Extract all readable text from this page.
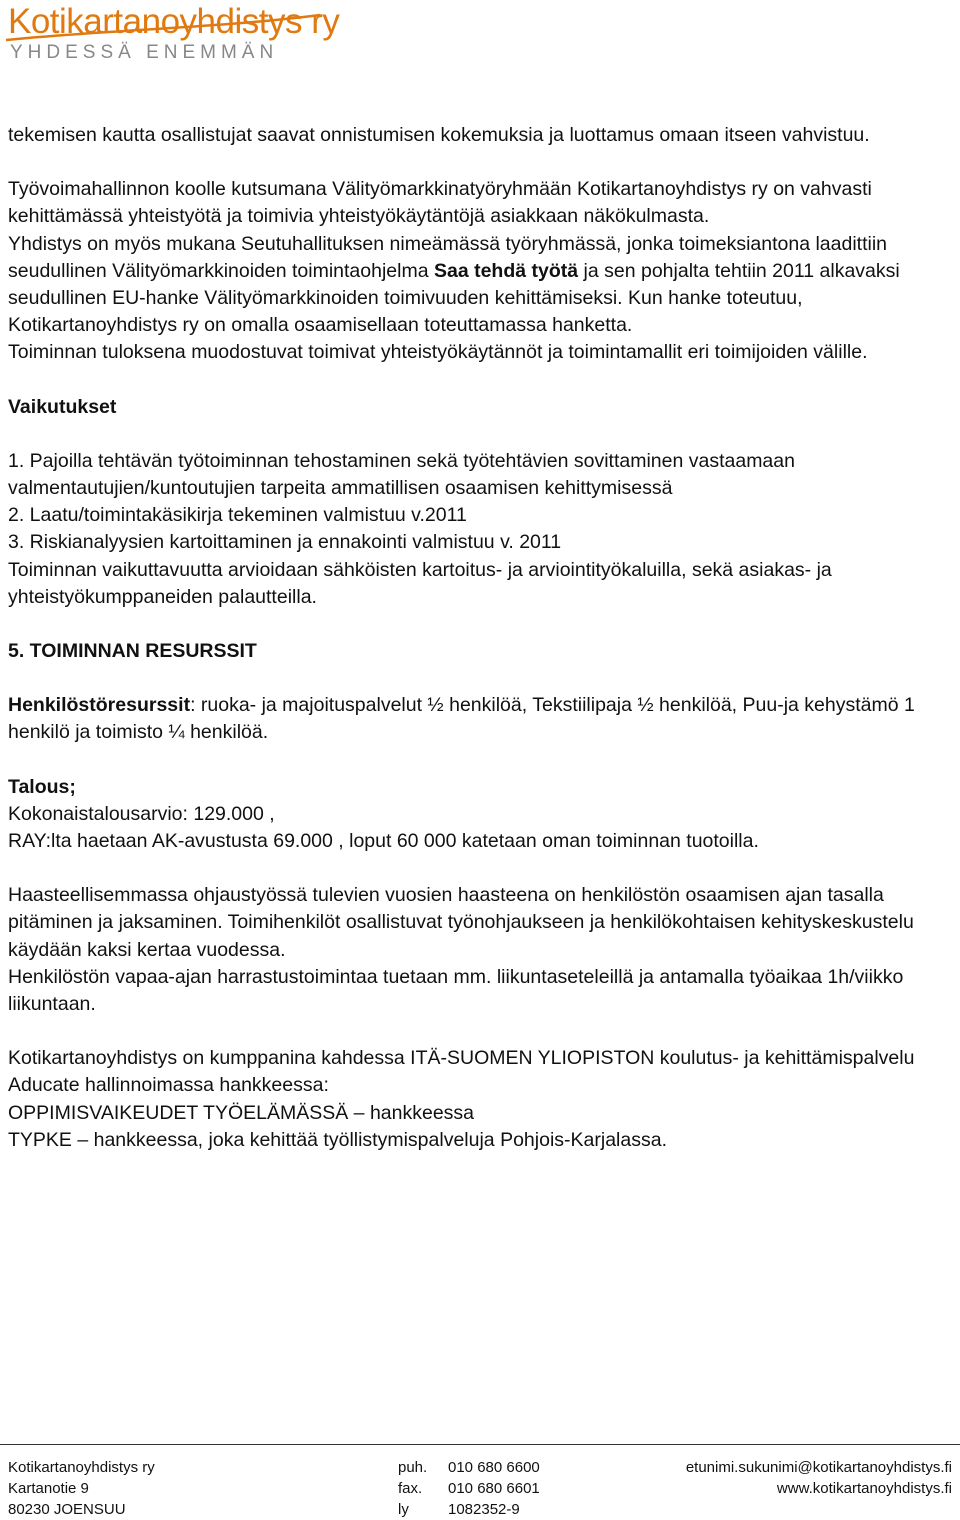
Kotikartanoyhdistys ry
YHDESSÄ ENEMMÄN

tekemisen kautta osallistujat saavat onnistumisen kokemuksia ja luottamus omaan itseen vahvistuu.

Työvoimahallinnon koolle kutsumana Välityömarkkinatyöryhmään Kotikartanoyhdistys ry on vahvasti kehittämässä yhteistyötä ja toimivia yhteistyökäytäntöjä asiakkaan näkökulmasta.

Yhdistys on myös mukana Seutuhallituksen nimeämässä työryhmässä, jonka toimeksiantona laadittiin seudullinen Välityömarkkinoiden toimintaohjelma Saa tehdä työtä ja sen pohjalta tehtiin 2011 alkavaksi seudullinen EU-hanke Välityömarkkinoiden toimivuuden kehittämiseksi. Kun hanke toteutuu, Kotikartanoyhdistys ry on omalla osaamisellaan toteuttamassa hanketta.

Toiminnan tuloksena muodostuvat toimivat yhteistyökäytännöt ja toimintamallit eri toimijoiden välille.

Vaikutukset

1. Pajoilla tehtävän työtoiminnan tehostaminen sekä työtehtävien sovittaminen vastaamaan valmentautujien/kuntoutujien tarpeita ammatillisen osaamisen kehittymisessä

2. Laatu/toimintakäsikirja tekeminen valmistuu v.2011

3. Riskianalyysien kartoittaminen ja ennakointi valmistuu v. 2011

Toiminnan vaikuttavuutta arvioidaan sähköisten kartoitus- ja arviointityökaluilla, sekä asiakas- ja yhteistyökumppaneiden palautteilla.

5. TOIMINNAN RESURSSIT

Henkilöstöresurssit: ruoka- ja majoituspalvelut ½ henkilöä, Tekstiilipaja ½ henkilöä, Puu-ja kehystämö 1 henkilö ja toimisto ¼ henkilöä.

Talous;

Kokonaistalousarvio: 129.000 ,

RAY:lta haetaan AK-avustusta 69.000 , loput 60 000 katetaan oman toiminnan tuotoilla.

Haasteellisemmassa ohjaustyössä tulevien vuosien haasteena on henkilöstön osaamisen ajan tasalla pitäminen ja jaksaminen. Toimihenkilöt osallistuvat työnohjaukseen ja henkilökohtaisen kehityskeskustelu käydään kaksi kertaa vuodessa.

Henkilöstön vapaa-ajan harrastustoimintaa tuetaan mm. liikuntaseteleillä ja antamalla työaikaa 1h/viikko liikuntaan.

Kotikartanoyhdistys on kumppanina kahdessa ITÄ-SUOMEN YLIOPISTON koulutus- ja kehittämispalvelu Aducate hallinnoimassa hankkeessa:

OPPIMISVAIKEUDET TYÖELÄMÄSSÄ – hankkeessa

TYPKE – hankkeessa, joka kehittää työllistymispalveluja Pohjois-Karjalassa.

Kotikartanoyhdistys ry
Kartanotie 9
80230 JOENSUU
puh.
fax.
ly
010 680 6600
010 680 6601
1082352-9
etunimi.sukunimi@kotikartanoyhdistys.fi
www.kotikartanoyhdistys.fi
